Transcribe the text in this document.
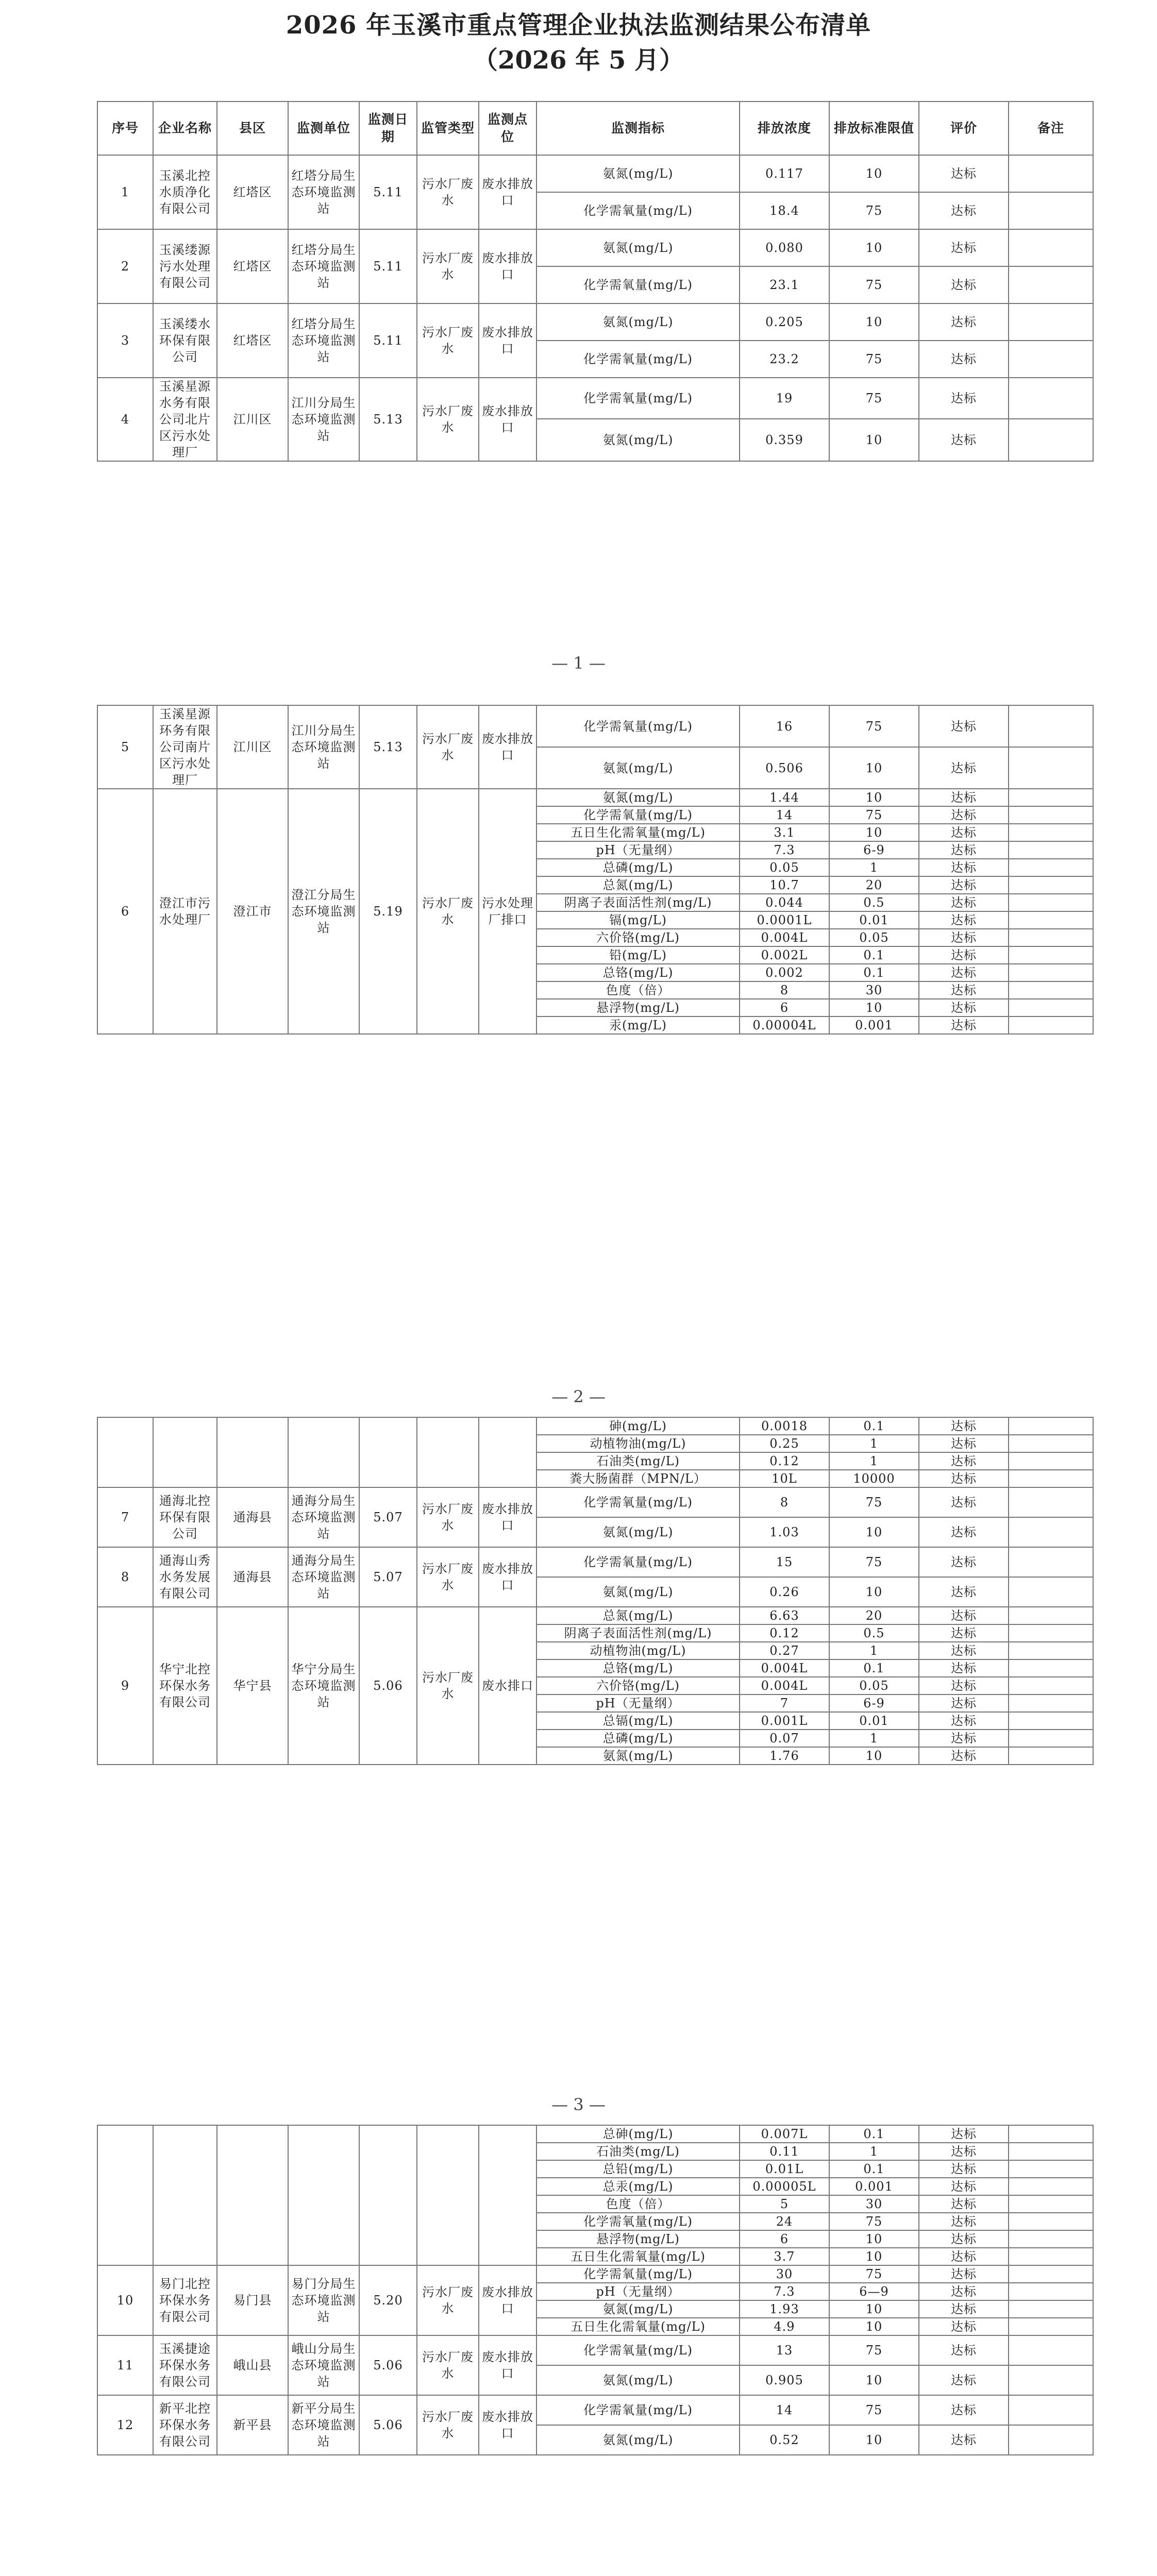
2026 年玉溪市重点管理企业执法监测结果公布清单
（2026 年 5 月）
序号	企业名称	县区	监测单位	监测日期	监管类型	监测点位	监测指标	排放浓度	排放标准限值	评价	备注
1	玉溪北控水质净化有限公司	红塔区	红塔分局生态环境监测站	5.11	污水厂废水	废水排放口	氨氮(mg/L)	0.117	10	达标	
							化学需氧量(mg/L)	18.4	75	达标	
2	玉溪缕源污水处理有限公司	红塔区	红塔分局生态环境监测站	5.11	污水厂废水	废水排放口	氨氮(mg/L)	0.080	10	达标	
							化学需氧量(mg/L)	23.1	75	达标	
3	玉溪缕水环保有限公司	红塔区	红塔分局生态环境监测站	5.11	污水厂废水	废水排放口	氨氮(mg/L)	0.205	10	达标	
							化学需氧量(mg/L)	23.2	75	达标	
4	玉溪星源水务有限公司北片区污水处理厂	江川区	江川分局生态环境监测站	5.13	污水厂废水	废水排放口	化学需氧量(mg/L)	19	75	达标	
							氨氮(mg/L)	0.359	10	达标	
— 1 —
5	玉溪星源环务有限公司南片区污水处理厂	江川区	江川分局生态环境监测站	5.13	污水厂废水	废水排放口	化学需氧量(mg/L)	16	75	达标	
							氨氮(mg/L)	0.506	10	达标	
6	澄江市污水处理厂	澄江市	澄江分局生态环境监测站	5.19	污水厂废水	污水处理厂排口	氨氮(mg/L)	1.44	10	达标	
							化学需氧量(mg/L)	14	75	达标	
							五日生化需氧量(mg/L)	3.1	10	达标	
							pH（无量纲）	7.3	6-9	达标	
							总磷(mg/L)	0.05	1	达标	
							总氮(mg/L)	10.7	20	达标	
							阴离子表面活性剂(mg/L)	0.044	0.5	达标	
							镉(mg/L)	0.0001L	0.01	达标	
							六价铬(mg/L)	0.004L	0.05	达标	
							铅(mg/L)	0.002L	0.1	达标	
							总铬(mg/L)	0.002	0.1	达标	
							色度（倍）	8	30	达标	
							悬浮物(mg/L)	6	10	达标	
							汞(mg/L)	0.00004L	0.001	达标	
— 2 —
							砷(mg/L)	0.0018	0.1	达标	
							动植物油(mg/L)	0.25	1	达标	
							石油类(mg/L)	0.12	1	达标	
							粪大肠菌群（MPN/L）	10L	10000	达标	
7	通海北控环保有限公司	通海县	通海分局生态环境监测站	5.07	污水厂废水	废水排放口	化学需氧量(mg/L)	8	75	达标	
							氨氮(mg/L)	1.03	10	达标	
8	通海山秀水务发展有限公司	通海县	通海分局生态环境监测站	5.07	污水厂废水	废水排放口	化学需氧量(mg/L)	15	75	达标	
							氨氮(mg/L)	0.26	10	达标	
9	华宁北控环保水务有限公司	华宁县	华宁分局生态环境监测站	5.06	污水厂废水	废水排口	总氮(mg/L)	6.63	20	达标	
							阴离子表面活性剂(mg/L)	0.12	0.5	达标	
							动植物油(mg/L)	0.27	1	达标	
							总铬(mg/L)	0.004L	0.1	达标	
							六价铬(mg/L)	0.004L	0.05	达标	
							pH（无量纲）	7	6-9	达标	
							总镉(mg/L)	0.001L	0.01	达标	
							总磷(mg/L)	0.07	1	达标	
							氨氮(mg/L)	1.76	10	达标	
— 3 —
							总砷(mg/L)	0.007L	0.1	达标	
							石油类(mg/L)	0.11	1	达标	
							总铅(mg/L)	0.01L	0.1	达标	
							总汞(mg/L)	0.00005L	0.001	达标	
							色度（倍）	5	30	达标	
							化学需氧量(mg/L)	24	75	达标	
							悬浮物(mg/L)	6	10	达标	
							五日生化需氧量(mg/L)	3.7	10	达标	
10	易门北控环保水务有限公司	易门县	易门分局生态环境监测站	5.20	污水厂废水	废水排放口	化学需氧量(mg/L)	30	75	达标	
							pH（无量纲）	7.3	6—9	达标	
							氨氮(mg/L)	1.93	10	达标	
							五日生化需氧量(mg/L)	4.9	10	达标	
11	玉溪捷途环保水务有限公司	峨山县	峨山分局生态环境监测站	5.06	污水厂废水	废水排放口	化学需氧量(mg/L)	13	75	达标	
							氨氮(mg/L)	0.905	10	达标	
12	新平北控环保水务有限公司	新平县	新平分局生态环境监测站	5.06	污水厂废水	废水排放口	化学需氧量(mg/L)	14	75	达标	
							氨氮(mg/L)	0.52	10	达标	
